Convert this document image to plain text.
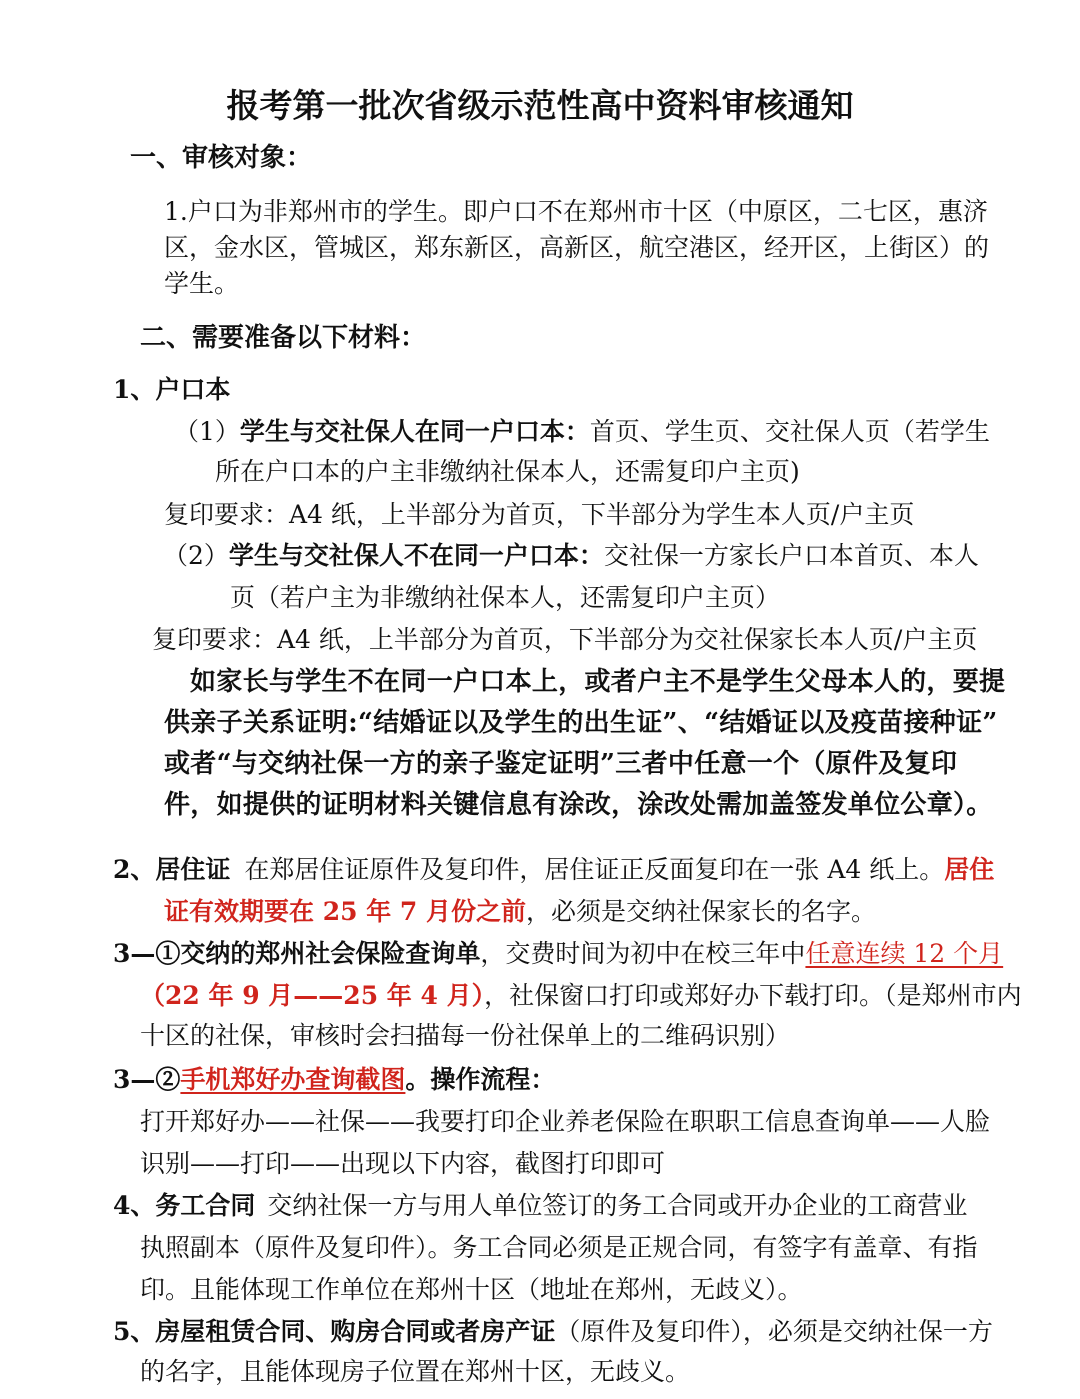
报考第一批次省级示范性高中资料审核通知
一、审核对象：
1.户口为非郑州市的学生。即户口不在郑州市十区（中原区，二七区，惠济
区，金水区，管城区，郑东新区，高新区，航空港区，经开区，上街区）的
学生。
二、需要准备以下材料：
1、户口本
（1）学生与交社保人在同一户口本：首页、学生页、交社保人页（若学生
所在户口本的户主非缴纳社保本人，还需复印户主页)
复印要求：A4 纸，上半部分为首页，下半部分为学生本人页/户主页
（2）学生与交社保人不在同一户口本：交社保一方家长户口本首页、本人
页（若户主为非缴纳社保本人，还需复印户主页）
复印要求：A4 纸，上半部分为首页，下半部分为交社保家长本人页/户主页
如家长与学生不在同一户口本上，或者户主不是学生父母本人的，要提
供亲子关系证明:“结婚证以及学生的出生证”、“结婚证以及疫苗接种证”
或者“与交纳社保一方的亲子鉴定证明”三者中任意一个（原件及复印
件，如提供的证明材料关键信息有涂改，涂改处需加盖签发单位公章）。
2、居住证 在郑居住证原件及复印件，居住证正反面复印在一张 A4 纸上。居住
证有效期要在 25 年 7 月份之前，必须是交纳社保家长的名字。
3—①交纳的郑州社会保险查询单，交费时间为初中在校三年中任意连续 12 个月
（22 年 9 月——25 年 4 月），社保窗口打印或郑好办下载打印。（是郑州市内
十区的社保，审核时会扫描每一份社保单上的二维码识别）
3—②手机郑好办查询截图。操作流程：
打开郑好办——社保——我要打印企业养老保险在职职工信息查询单——人脸
识别——打印——出现以下内容，截图打印即可
4、务工合同 交纳社保一方与用人单位签订的务工合同或开办企业的工商营业
执照副本（原件及复印件）。务工合同必须是正规合同，有签字有盖章、有指
印。且能体现工作单位在郑州十区（地址在郑州，无歧义）。
5、房屋租赁合同、购房合同或者房产证（原件及复印件），必须是交纳社保一方
的名字，且能体现房子位置在郑州十区，无歧义。
